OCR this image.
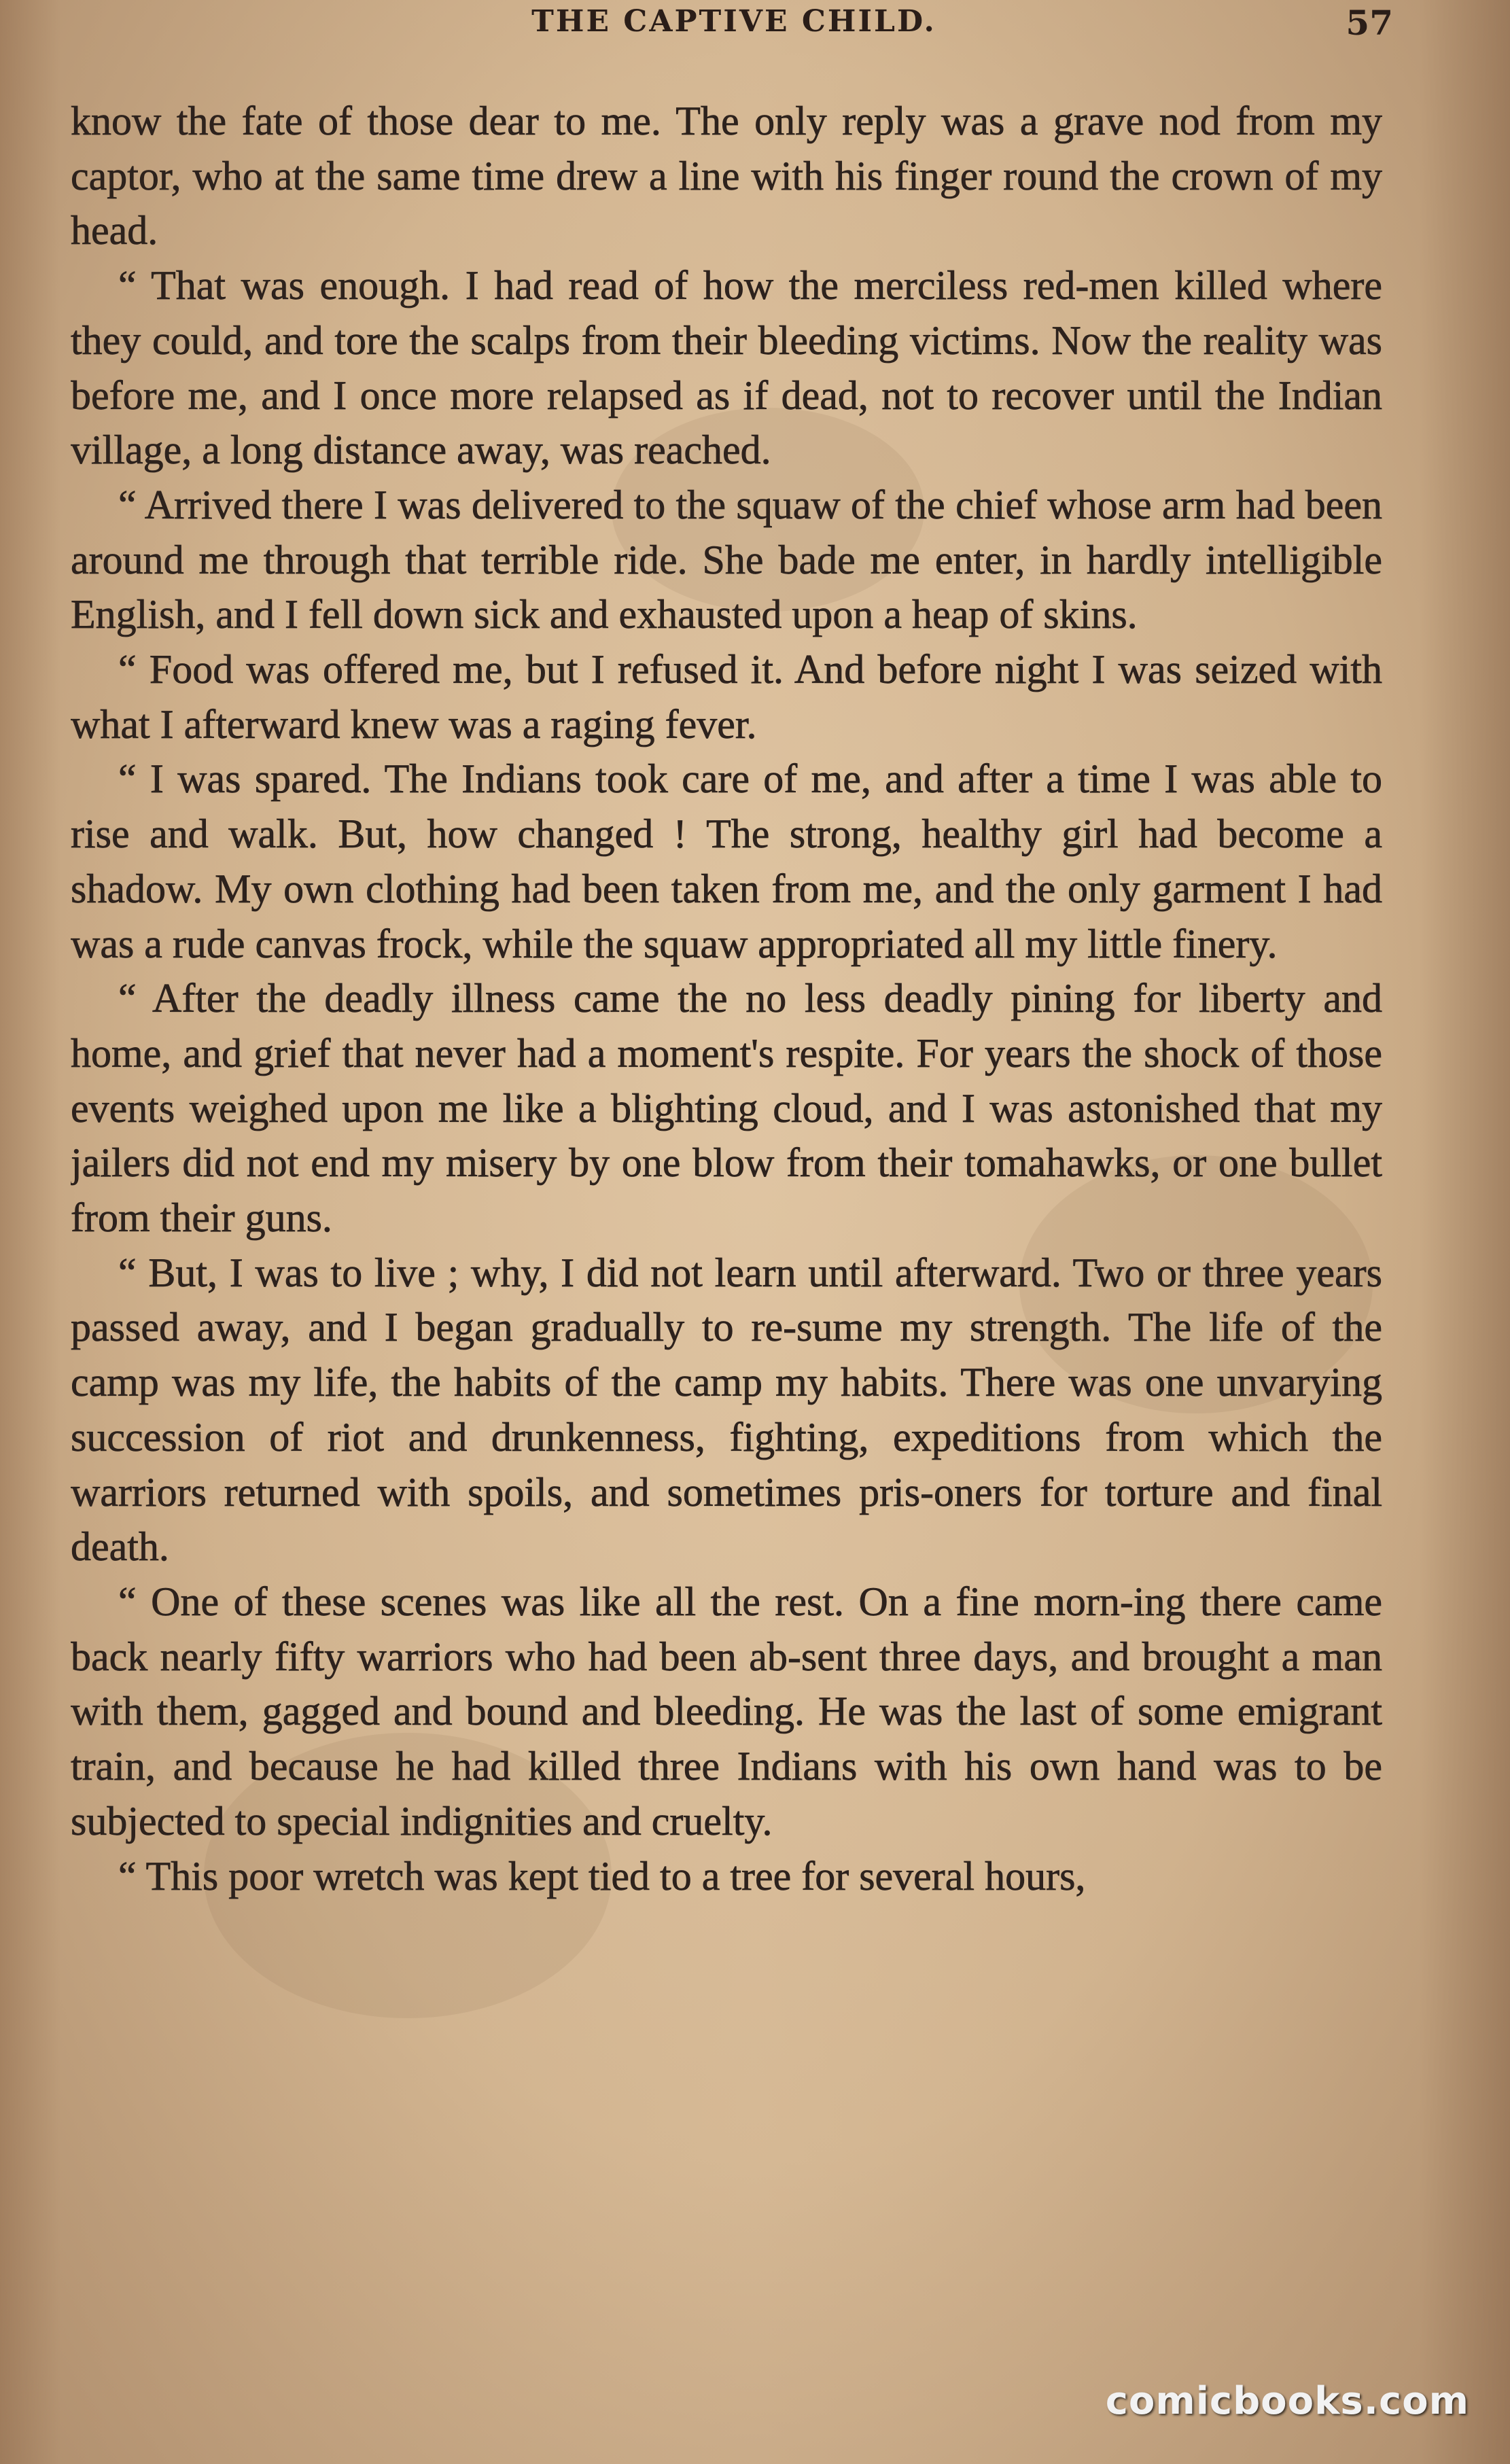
THE CAPTIVE CHILD.	57

know the fate of those dear to me. The only reply was a grave nod from my captor, who at the same time drew a line with his finger round the crown of my head.

“ That was enough. I had read of how the merciless red-men killed where they could, and tore the scalps from their bleeding victims. Now the reality was before me, and I once more relapsed as if dead, not to recover until the Indian village, a long distance away, was reached.

“ Arrived there I was delivered to the squaw of the chief whose arm had been around me through that terrible ride. She bade me enter, in hardly intelligible English, and I fell down sick and exhausted upon a heap of skins.

“ Food was offered me, but I refused it. And before night I was seized with what I afterward knew was a raging fever.

“ I was spared. The Indians took care of me, and after a time I was able to rise and walk. But, how changed ! The strong, healthy girl had become a shadow. My own clothing had been taken from me, and the only garment I had was a rude canvas frock, while the squaw appropriated all my little finery.

“ After the deadly illness came the no less deadly pining for liberty and home, and grief that never had a moment's respite. For years the shock of those events weighed upon me like a blighting cloud, and I was astonished that my jailers did not end my misery by one blow from their tomahawks, or one bullet from their guns.

“ But, I was to live ; why, I did not learn until afterward. Two or three years passed away, and I began gradually to re-sume my strength. The life of the camp was my life, the habits of the camp my habits. There was one unvarying succession of riot and drunkenness, fighting, expeditions from which the warriors returned with spoils, and sometimes pris-oners for torture and final death.

“ One of these scenes was like all the rest. On a fine morn-ing there came back nearly fifty warriors who had been ab-sent three days, and brought a man with them, gagged and bound and bleeding. He was the last of some emigrant train, and because he had killed three Indians with his own hand was to be subjected to special indignities and cruelty.

“ This poor wretch was kept tied to a tree for several hours,

comicbooks.com
